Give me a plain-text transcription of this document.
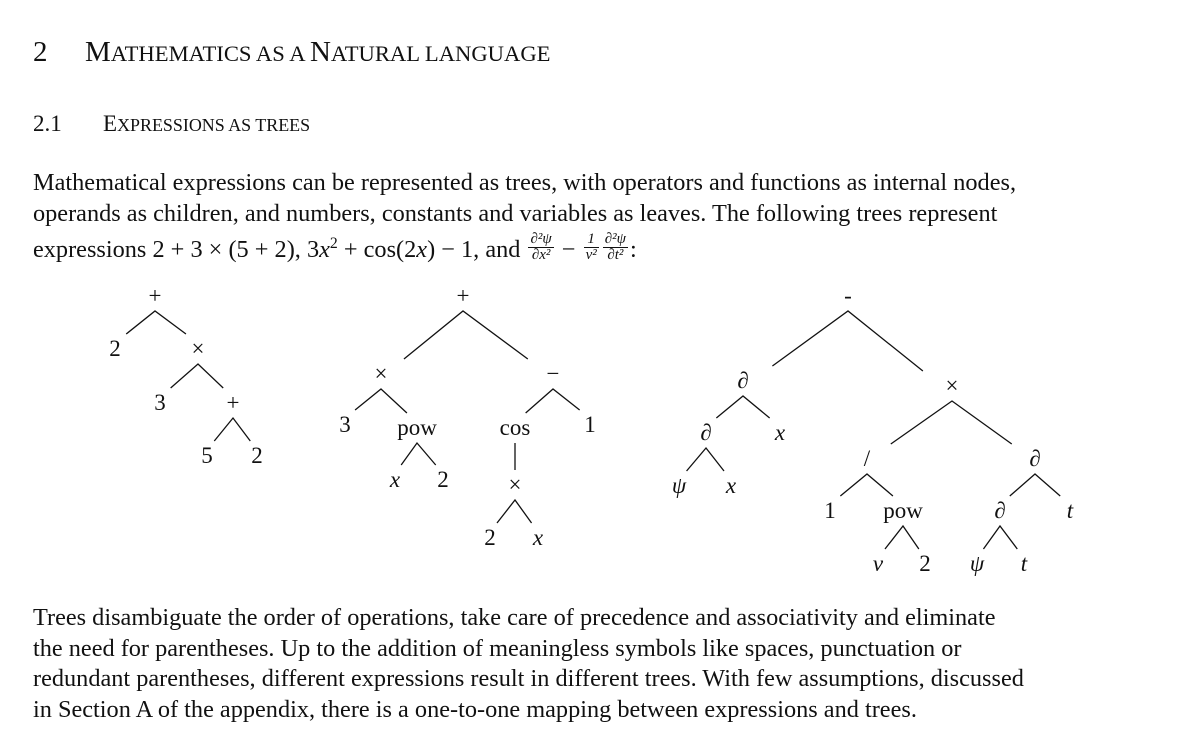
2 MATHEMATICS AS A NATURAL LANGUAGE
2.1 EXPRESSIONS AS TREES

Mathematical expressions can be represented as trees, with operators and functions as internal nodes,
operands as children, and numbers, constants and variables as leaves. The following trees represent
expressions 2 + 3 × (5 + 2), $3x^2 + \cos(2x) - 1$, and $\frac{\text{∂²ψ}}{\text{∂x²}} - \frac{1}{\text{ν²}} \frac{\text{∂²ψ}}{\text{∂t²}}$ :

2
3
5 2
+
×
+
3
x 2
pow
×
2 x
×
cos 1
−
+
ψ x
∂	x
∂
1
ν 2
pow
/
ψ t
∂	t
∂
×
-

Trees disambiguate the order of operations, take care of precedence and associativity and eliminate
the need for parentheses. Up to the addition of meaningless symbols like spaces, punctuation or
redundant parentheses, different expressions result in different trees. With few assumptions, discussed
in Section A of the appendix, there is a one-to-one mapping between expressions and trees.
